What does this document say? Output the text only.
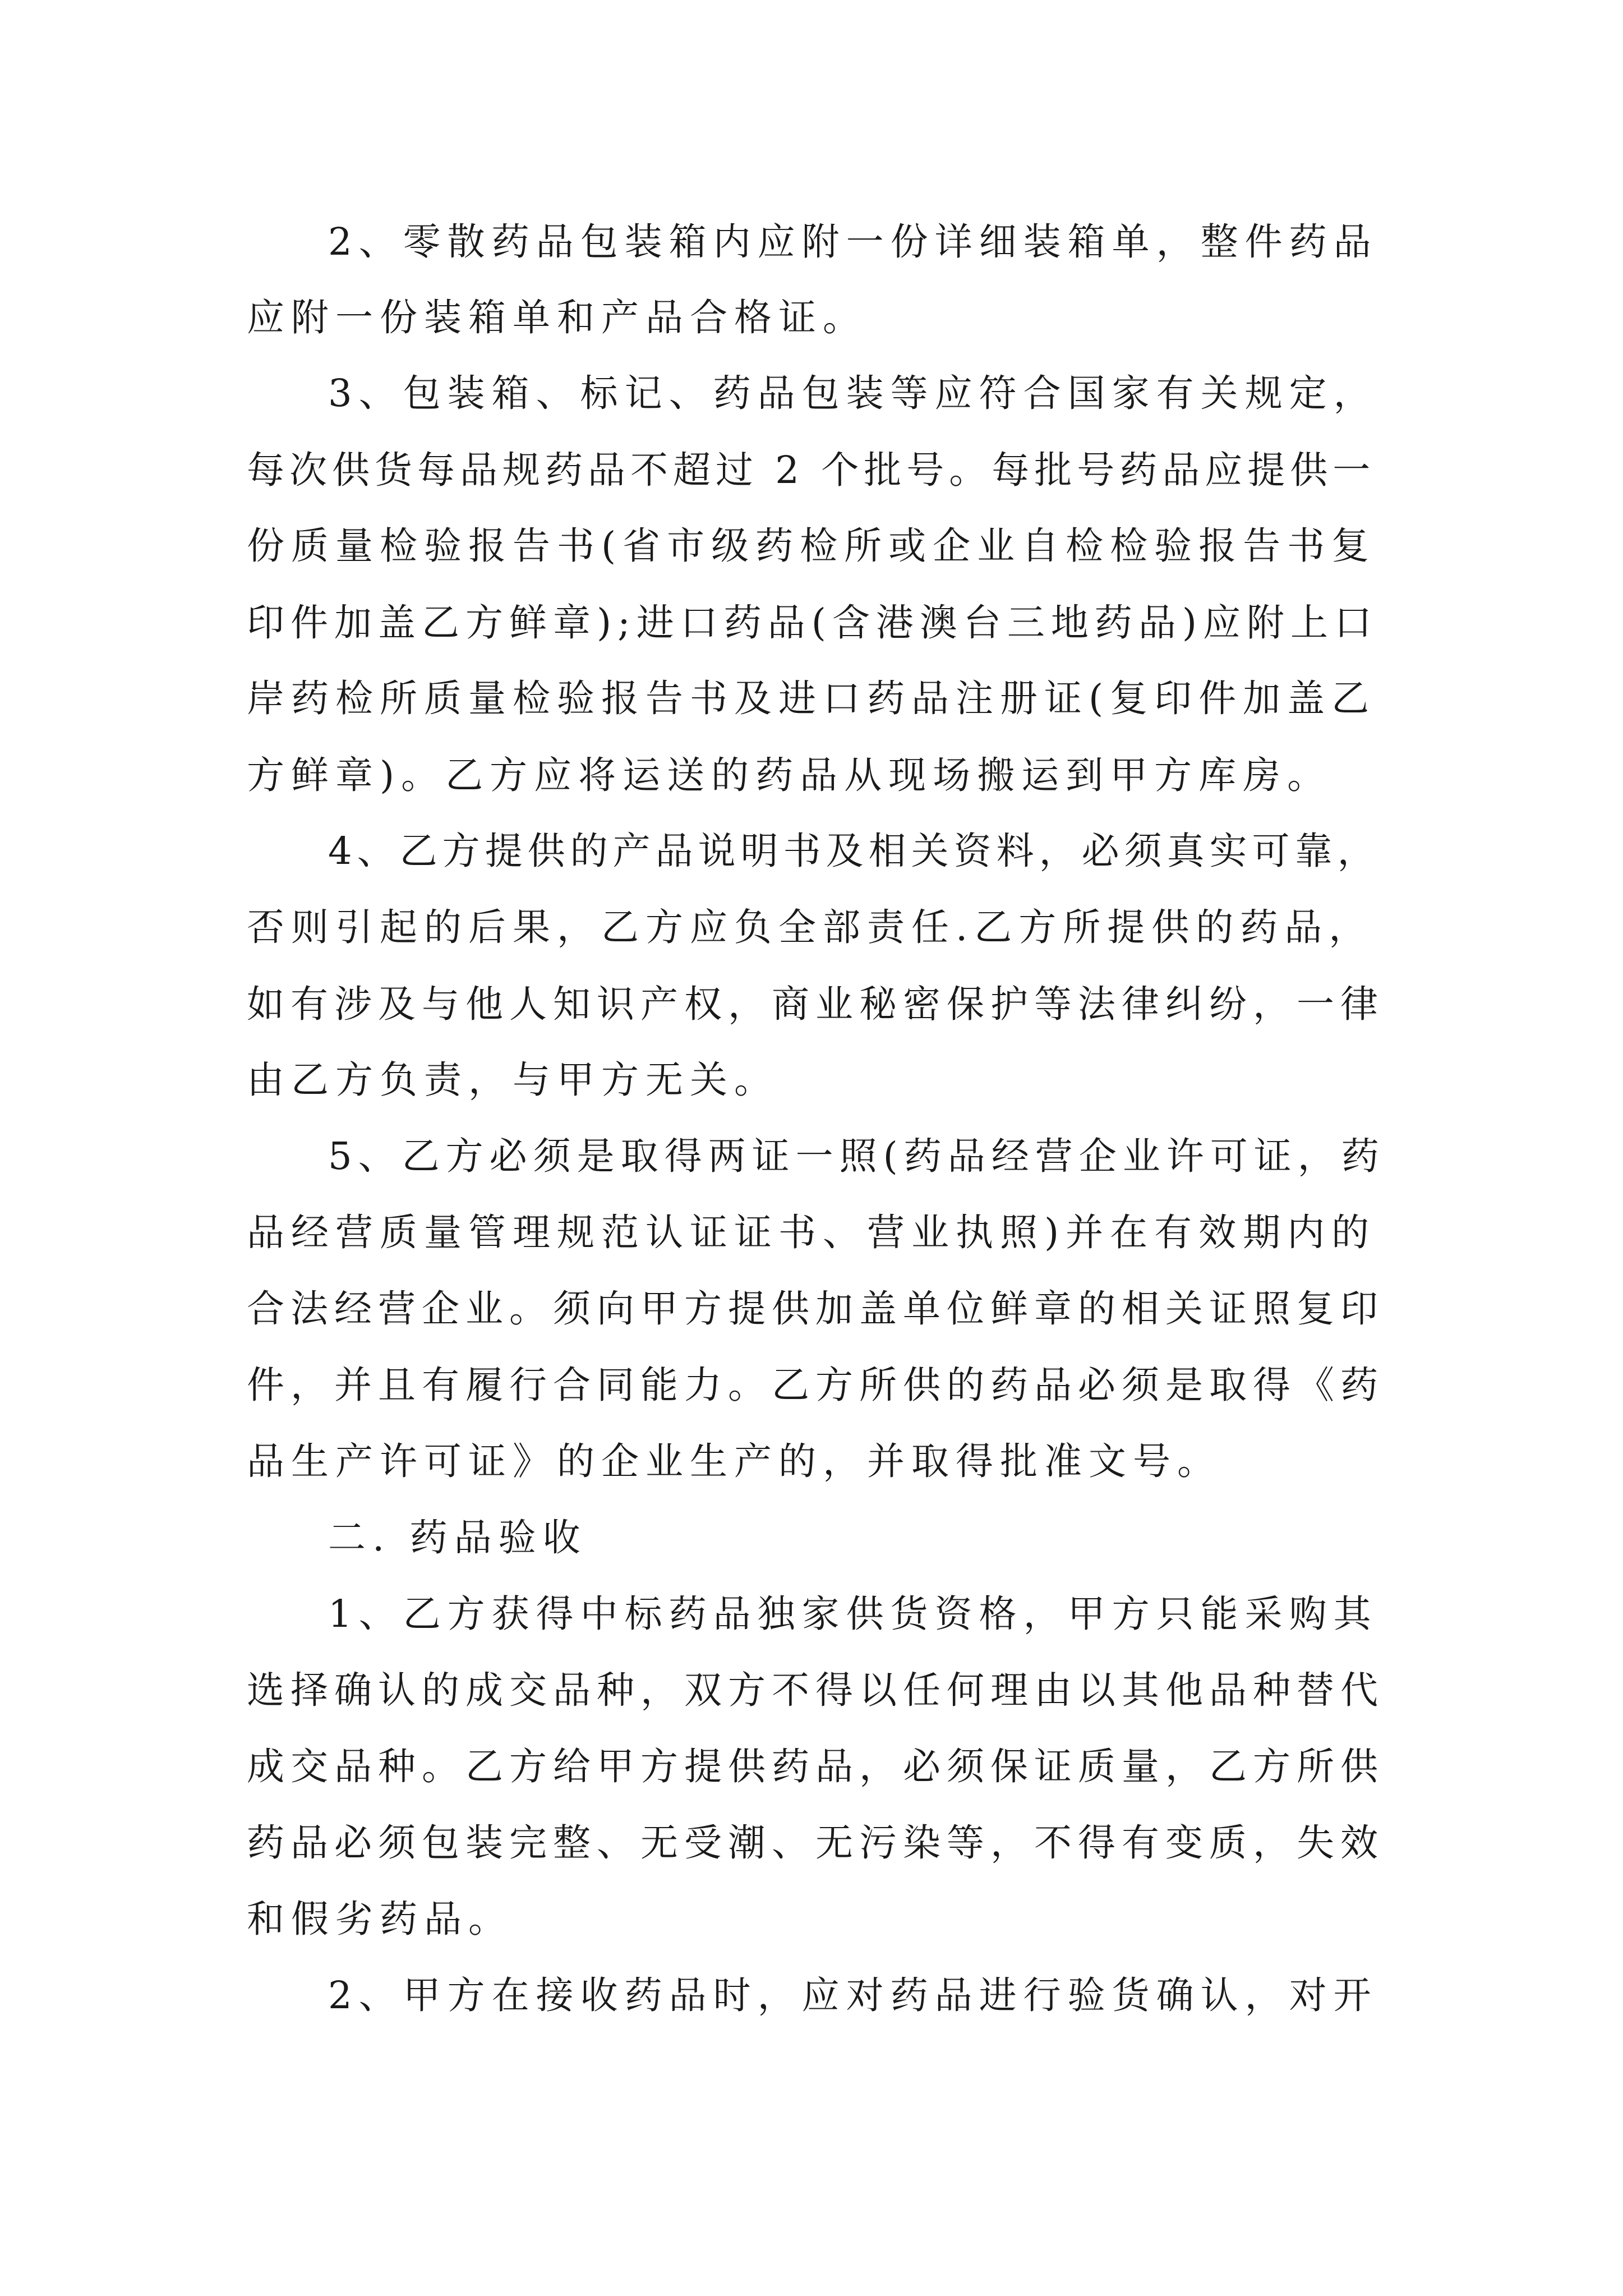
2、零散药品包装箱内应附一份详细装箱单，整件药品
应附一份装箱单和产品合格证。
3、包装箱、标记、药品包装等应符合国家有关规定，
每次供货每品规药品不超过 2 个批号。每批号药品应提供一
份质量检验报告书(省市级药检所或企业自检检验报告书复
印件加盖乙方鲜章);进口药品(含港澳台三地药品)应附上口
岸药检所质量检验报告书及进口药品注册证(复印件加盖乙
方鲜章)。乙方应将运送的药品从现场搬运到甲方库房。
4、乙方提供的产品说明书及相关资料，必须真实可靠，
否则引起的后果，乙方应负全部责任.乙方所提供的药品，
如有涉及与他人知识产权，商业秘密保护等法律纠纷，一律
由乙方负责，与甲方无关。
5、乙方必须是取得两证一照(药品经营企业许可证，药
品经营质量管理规范认证证书、营业执照)并在有效期内的
合法经营企业。须向甲方提供加盖单位鲜章的相关证照复印
件，并且有履行合同能力。乙方所供的药品必须是取得《药
品生产许可证》的企业生产的，并取得批准文号。
二. 药品验收
1、乙方获得中标药品独家供货资格，甲方只能采购其
选择确认的成交品种，双方不得以任何理由以其他品种替代
成交品种。乙方给甲方提供药品，必须保证质量，乙方所供
药品必须包装完整、无受潮、无污染等，不得有变质，失效
和假劣药品。
2、甲方在接收药品时，应对药品进行验货确认，对开
